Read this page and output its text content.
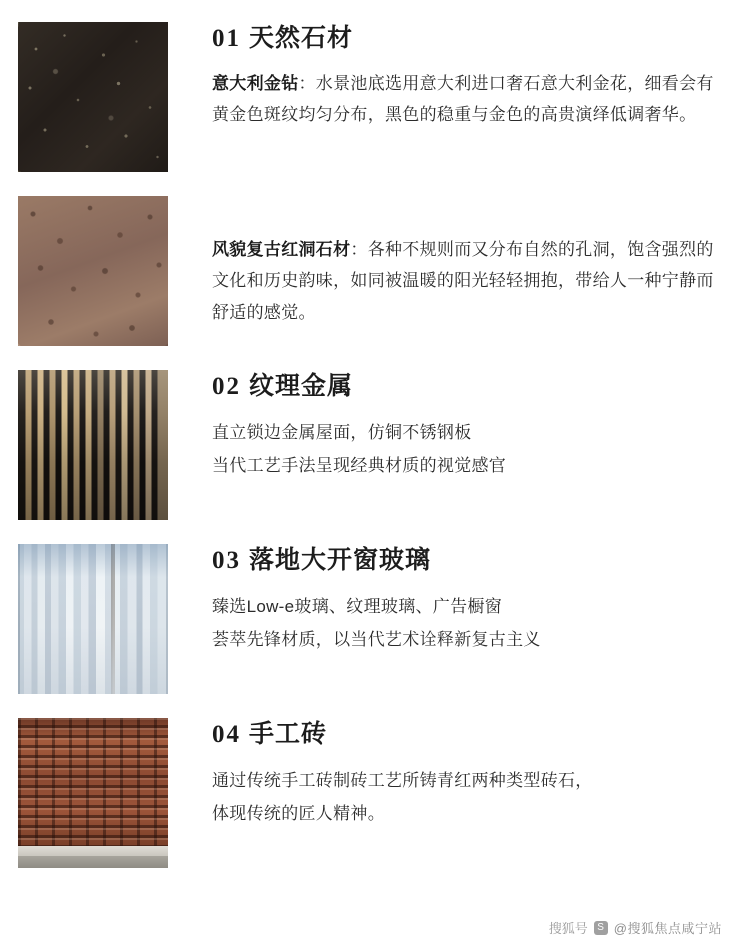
01 天然石材

意大利金钻：水景池底选用意大利进口奢石意大利金花，细看会有黄金色斑纹均匀分布，黑色的稳重与金色的高贵演绎低调奢华。

风貌复古红洞石材：各种不规则而又分布自然的孔洞，饱含强烈的文化和历史韵味，如同被温暖的阳光轻轻拥抱，带给人一种宁静而舒适的感觉。

02 纹理金属
直立锁边金属屋面，仿铜不锈钢板
当代工艺手法呈现经典材质的视觉感官
03 落地大开窗玻璃
臻选Low-e玻璃、纹理玻璃、广告橱窗
荟萃先锋材质，以当代艺术诠释新复古主义
04 手工砖
通过传统手工砖制砖工艺所铸青红两种类型砖石，
体现传统的匠人精神。
搜狐号 S @搜狐焦点咸宁站
